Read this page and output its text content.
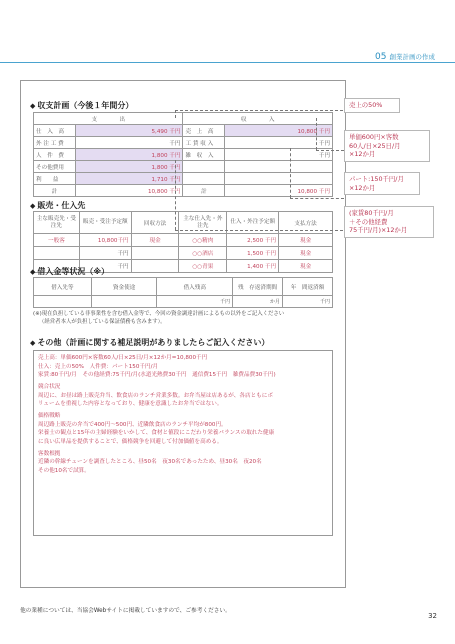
05 創業計画の作成
◆ 収支計画（今後１年間分）
支　　　　出		収　　　　入	
仕　入　高	5,490 千円	売　上　高	10,800 千円
外 注 工 費	千円	工 賃 収 入	千円
人　件　費	1,800 千円	雑　収　入	千円
その他費用	1,800 千円		
利　　益	1,710 千円		
計	10,800 千円	計	10,800 千円
◆ 販売・仕入先
主な販売先・受注先	販売・受注予定額	回収方法	主な仕入先・外注先	仕入・外注予定額	支払方法
一般客	10,800千円	現金	○○精肉	2,500 千円	現金
	千円		○○酒店	1,500 千円	現金
	千円		○○青果	1,400 千円	現金
◆ 借入金等状況（※）
借入先等	資金使途	借入残高	残　存返済期間	年　間返済額
		千円	か月	千円
(※)現在負担している非事業性を含む借入金等で、今回の資金調達計画によるもの以外をご記入ください
（経営者本人が負担している保証債務も含みます）。
◆ その他（計画に関する補足説明がありましたらご記入ください）

売上高：単価600円×客数60人/日×25日/月×12か月=10,800千円

仕入：売上の50%　人件費：パート150千円/月

家賃:80千円/月　その他経費:75千円/月(水道光熱費30千円　通信費15千円　雑費品費30千円)

競合状況

周辺に、お昼は路上販売弁当、飲食店のランチ営業多数。お弁当屋は店あるが、各店ともにボ

リュームを重視した内容となっており、健康を意識したお弁当ではない。

価格戦略

周辺路上販売の弁当で400円～500円、近隣飲食店のランチ平均が800円。

栄養士の観点と15年の主婦経験をいかして、食材と値段にこだわり栄養バランスの取れた健康

に良い広単品を提供することで、価格競争を回避して付加価値を高める。

客数根拠

近隣の幹線チェーンを調査したところ、昼50名　夜30名であったため、昼30名　夜20名

その他10名で試算。

売上の50%
単価600円×客数
60人/日×25日/月
×12か月
パート:150千円/月
×12か月
(家賃80千円/月
＋その他経費
75千円/月)×12か月
他の業種については、当協会Webサイトに掲載していますので、ご参考ください。
32
